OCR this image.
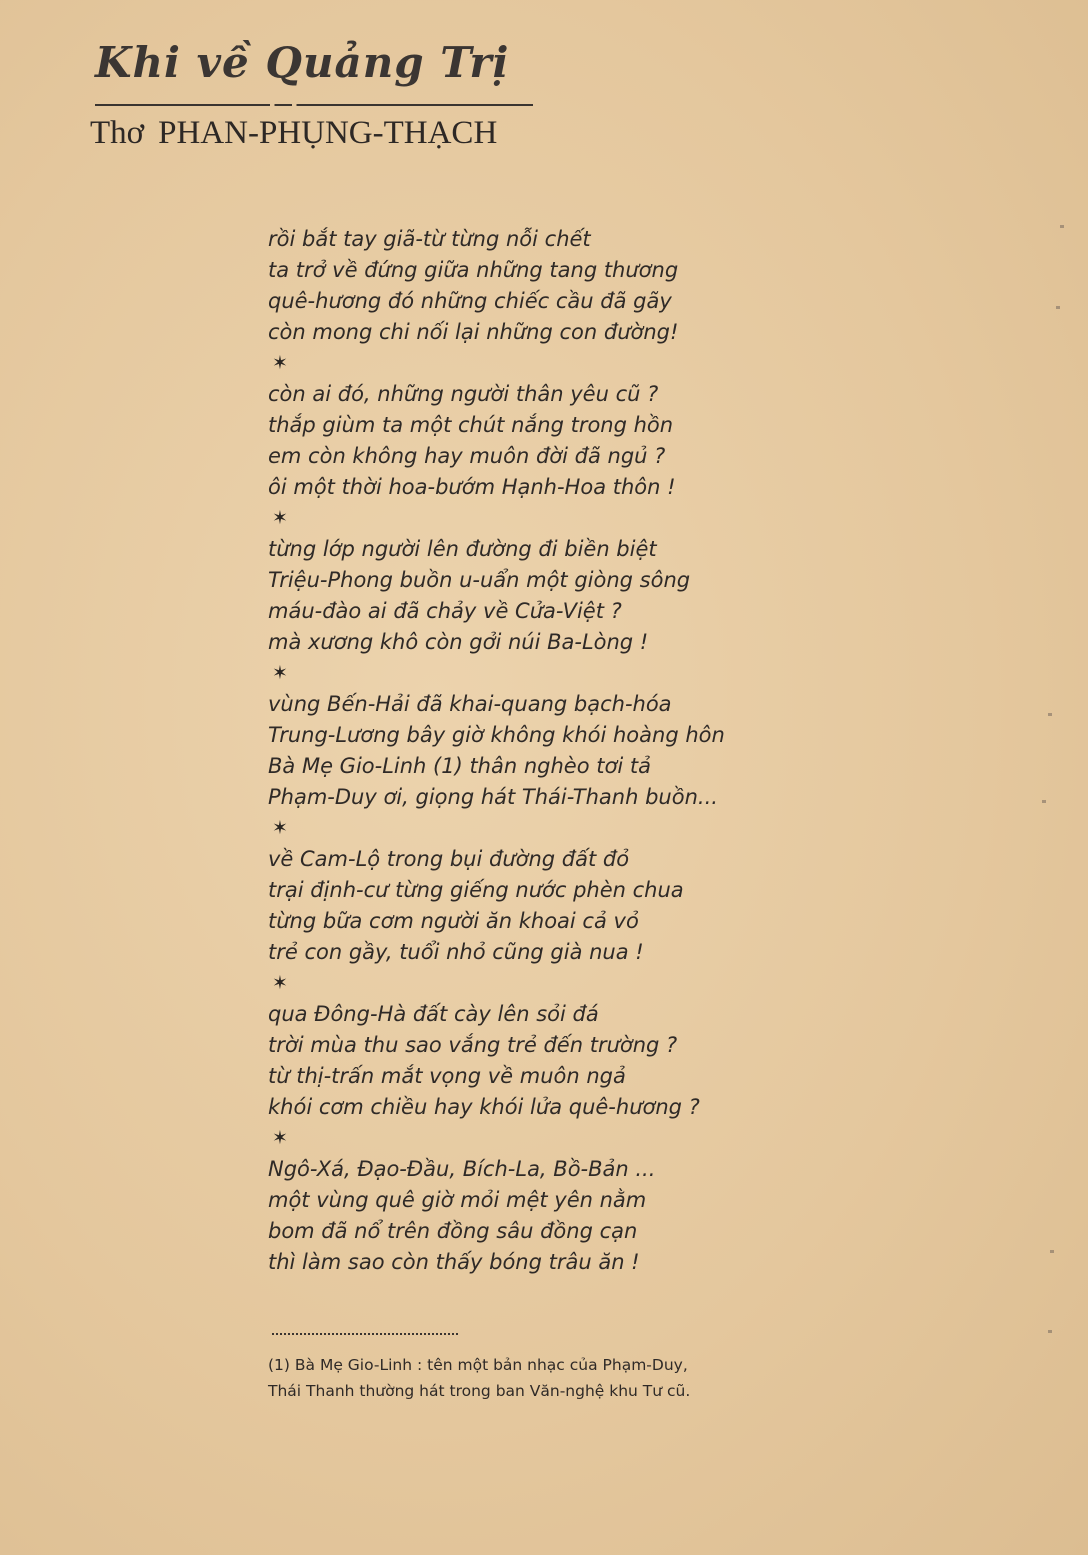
Khi về Quảng Trị
Thơ PHAN-PHỤNG-THẠCH
rồi bắt tay giã-từ từng nỗi chết
ta trở về đứng giữa những tang thương
quê-hương đó những chiếc cầu đã gãy
còn mong chi nối lại những con đường!
✶
còn ai đó, những người thân yêu cũ ?
thắp giùm ta một chút nắng trong hồn
em còn không hay muôn đời đã ngủ ?
ôi một thời hoa-bướm Hạnh-Hoa thôn !
✶
từng lớp người lên đường đi biền biệt
Triệu-Phong buồn u-uẩn một giòng sông
máu-đào ai đã chảy về Cửa-Việt ?
mà xương khô còn gởi núi Ba-Lòng !
✶
vùng Bến-Hải đã khai-quang bạch-hóa
Trung-Lương bây giờ không khói hoàng hôn
Bà Mẹ Gio-Linh (1) thân nghèo tơi tả
Phạm-Duy ơi, giọng hát Thái-Thanh buồn...
✶
về Cam-Lộ trong bụi đường đất đỏ
trại định-cư từng giếng nước phèn chua
từng bữa cơm người ăn khoai cả vỏ
trẻ con gầy, tuổi nhỏ cũng già nua !
✶
qua Đông-Hà đất cày lên sỏi đá
trời mùa thu sao vắng trẻ đến trường ?
từ thị-trấn mắt vọng về muôn ngả
khói cơm chiều hay khói lửa quê-hương ?
✶
Ngô-Xá, Đạo-Đầu, Bích-La, Bồ-Bản ...
một vùng quê giờ mỏi mệt yên nằm
bom đã nổ trên đồng sâu đồng cạn
thì làm sao còn thấy bóng trâu ăn !
(1) Bà Mẹ Gio-Linh : tên một bản nhạc của Phạm-Duy,
Thái Thanh thường hát trong ban Văn-nghệ khu Tư cũ.
